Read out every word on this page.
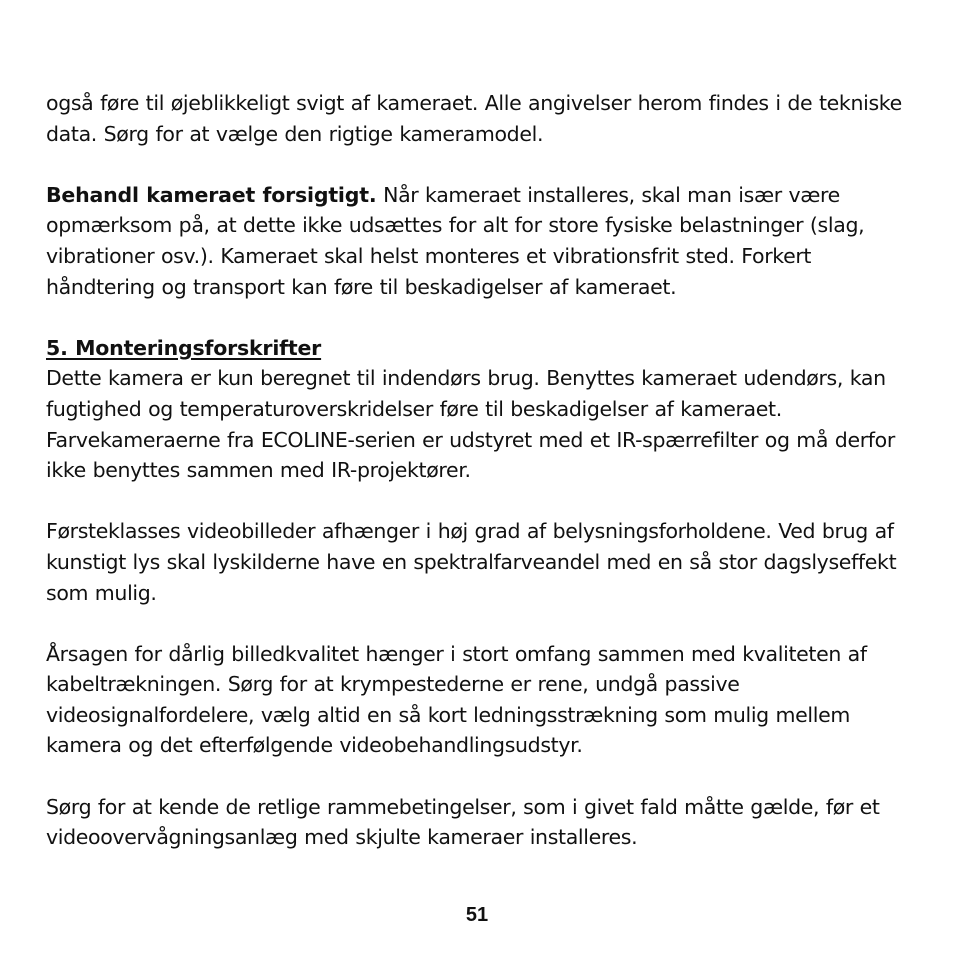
også føre til øjeblikkeligt svigt af kameraet. Alle angivelser herom findes i de tekniske data. Sørg for at vælge den rigtige kameramodel.

Behandl kameraet forsigtigt. Når kameraet installeres, skal man især være opmærksom på, at dette ikke udsættes for alt for store fysiske belastninger (slag, vibrationer osv.). Kameraet skal helst monteres et vibrationsfrit sted. Forkert håndtering og transport kan føre til beskadigelser af kameraet.

5. Monteringsforskrifter

Dette kamera er kun beregnet til indendørs brug. Benyttes kameraet udendørs, kan fugtighed og temperaturoverskridelser føre til beskadigelser af kameraet. Farvekameraerne fra ECOLINE-serien er udstyret med et IR-spærrefilter og må derfor ikke benyttes sammen med IR-projektører.

Førsteklasses videobilleder afhænger i høj grad af belysningsforholdene. Ved brug af kunstigt lys skal lyskilderne have en spektralfarveandel med en så stor dagslyseffekt som mulig.

Årsagen for dårlig billedkvalitet hænger i stort omfang sammen med kvaliteten af kabeltrækningen. Sørg for at krympestederne er rene, undgå passive videosignalfordelere, vælg altid en så kort ledningsstrækning som mulig mellem kamera og det efterfølgende videobehandlingsudstyr.

Sørg for at kende de retlige rammebetingelser, som i givet fald måtte gælde, før et videoovervågningsanlæg med skjulte kameraer installeres.

51
